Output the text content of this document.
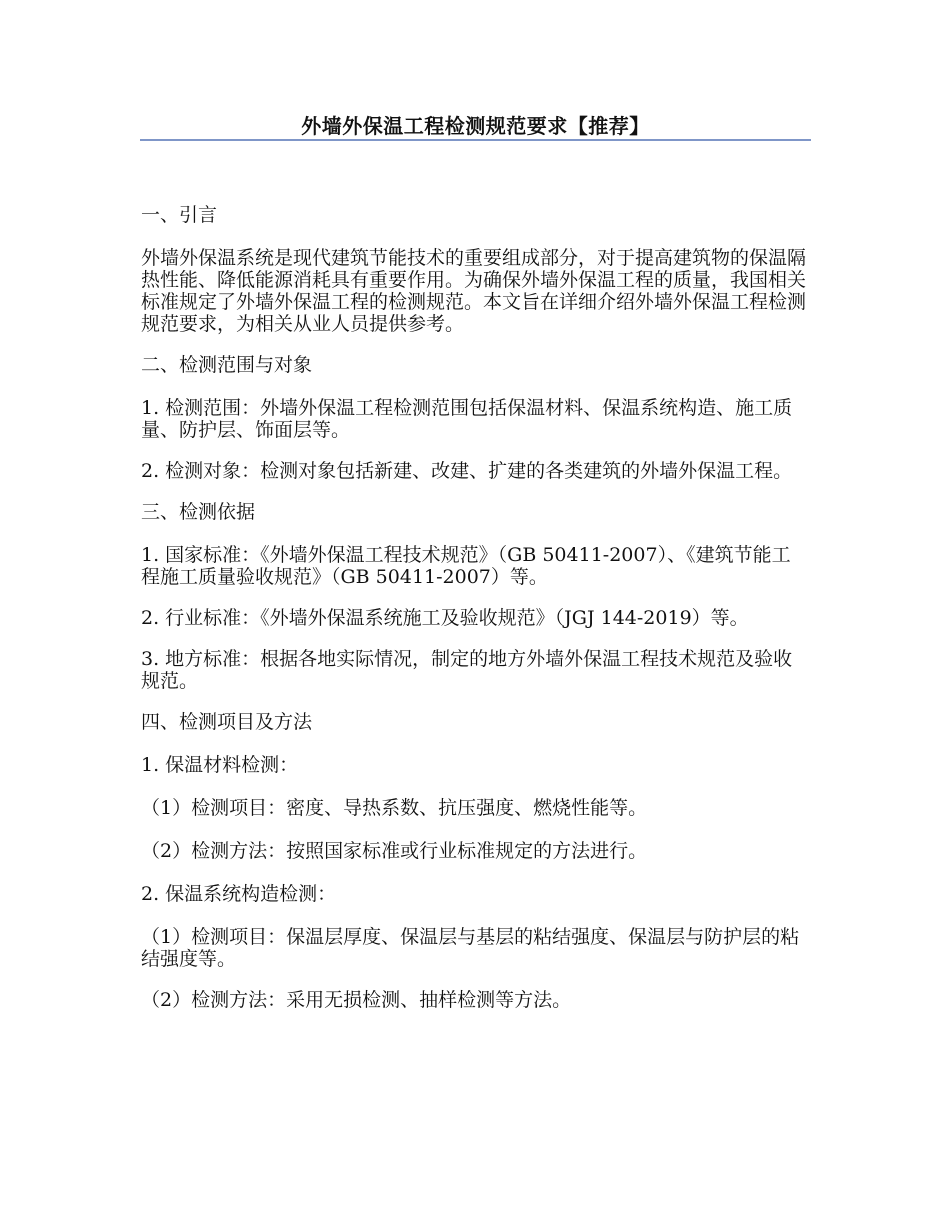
外墙外保温工程检测规范要求【推荐】

一、引言

外墙外保温系统是现代建筑节能技术的重要组成部分，对于提高建筑物的保温隔热性能、降低能源消耗具有重要作用。为确保外墙外保温工程的质量，我国相关标准规定了外墙外保温工程的检测规范。本文旨在详细介绍外墙外保温工程检测规范要求，为相关从业人员提供参考。

二、检测范围与对象

1. 检测范围：外墙外保温工程检测范围包括保温材料、保温系统构造、施工质量、防护层、饰面层等。

2. 检测对象：检测对象包括新建、改建、扩建的各类建筑的外墙外保温工程。

三、检测依据

1. 国家标准：《外墙外保温工程技术规范》（GB 50411-2007）、《建筑节能工程施工质量验收规范》（GB 50411-2007）等。

2. 行业标准：《外墙外保温系统施工及验收规范》（JGJ 144-2019）等。

3. 地方标准：根据各地实际情况，制定的地方外墙外保温工程技术规范及验收规范。

四、检测项目及方法

1. 保温材料检测：

（1）检测项目：密度、导热系数、抗压强度、燃烧性能等。

（2）检测方法：按照国家标准或行业标准规定的方法进行。

2. 保温系统构造检测：

（1）检测项目：保温层厚度、保温层与基层的粘结强度、保温层与防护层的粘结强度等。

（2）检测方法：采用无损检测、抽样检测等方法。
